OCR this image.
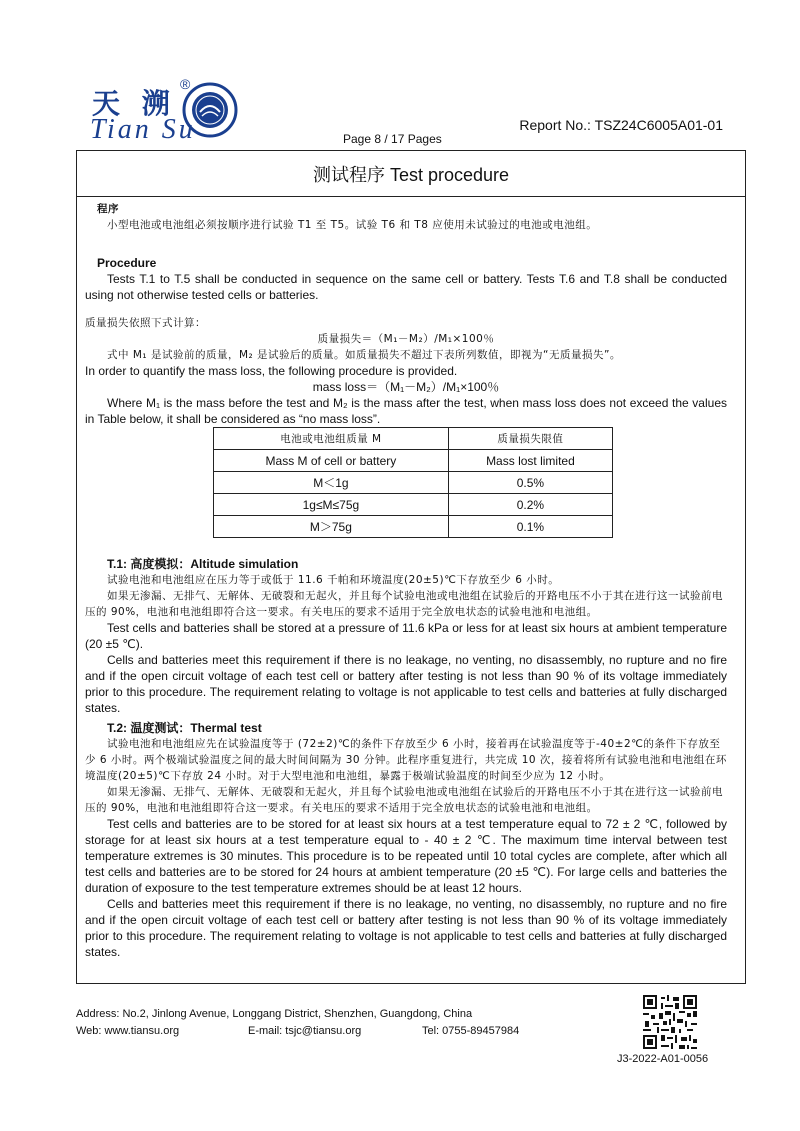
天 溯
®
Tian Su	Report No.: TSZ24C6005A01-01
Page 8 / 17 Pages
测试程序 Test procedure

程序

小型电池或电池组必须按顺序进行试验 T1 至 T5。试验 T6 和 T8 应使用未试验过的电池或电池组。

Procedure

Tests T.1 to T.5 shall be conducted in sequence on the same cell or battery. Tests T.6 and T.8 shall be conducted using not otherwise tested cells or batteries.

质量损失依照下式计算：

质量损失＝（M₁－M₂）/M₁×100％

式中 M₁ 是试验前的质量，M₂ 是试验后的质量。如质量损失不超过下表所列数值，即视为“无质量损失”。

In order to quantify the mass loss, the following procedure is provided.

mass loss＝（M₁－M₂）/M₁×100％

Where M₁ is the mass before the test and M₂ is the mass after the test, when mass loss does not exceed the values in Table below, it shall be considered as “no mass loss”.

电池或电池组质量 M	质量损失限值
Mass M of cell or battery	Mass lost limited
M＜1g	0.5%
1g≤M≤75g	0.2%
M＞75g	0.1%

T.1: 高度模拟：Altitude simulation

试验电池和电池组应在压力等于或低于 11.6 千帕和环境温度(20±5)℃下存放至少 6 小时。

如果无渗漏、无排气、无解体、无破裂和无起火，并且每个试验电池或电池组在试验后的开路电压不小于其在进行这一试验前电压的 90%，电池和电池组即符合这一要求。有关电压的要求不适用于完全放电状态的试验电池和电池组。

Test cells and batteries shall be stored at a pressure of 11.6 kPa or less for at least six hours at ambient temperature (20 ±5 ℃).

Cells and batteries meet this requirement if there is no leakage, no venting, no disassembly, no rupture and no fire and if the open circuit voltage of each test cell or battery after testing is not less than 90 % of its voltage immediately prior to this procedure. The requirement relating to voltage is not applicable to test cells and batteries at fully discharged states.

T.2: 温度测试：Thermal test

试验电池和电池组应先在试验温度等于 (72±2)℃的条件下存放至少 6 小时，接着再在试验温度等于-40±2℃的条件下存放至少 6 小时。两个极端试验温度之间的最大时间间隔为 30 分钟。此程序重复进行，共完成 10 次，接着将所有试验电池和电池组在环境温度(20±5)℃下存放 24 小时。对于大型电池和电池组，暴露于极端试验温度的时间至少应为 12 小时。

如果无渗漏、无排气、无解体、无破裂和无起火，并且每个试验电池或电池组在试验后的开路电压不小于其在进行这一试验前电压的 90%，电池和电池组即符合这一要求。有关电压的要求不适用于完全放电状态的试验电池和电池组。

Test cells and batteries are to be stored for at least six hours at a test temperature equal to 72 ± 2 ℃, followed by storage for at least six hours at a test temperature equal to - 40 ± 2 ℃. The maximum time interval between test temperature extremes is 30 minutes. This procedure is to be repeated until 10 total cycles are complete, after which all test cells and batteries are to be stored for 24 hours at ambient temperature (20 ±5 ℃). For large cells and batteries the duration of exposure to the test temperature extremes should be at least 12 hours.

Cells and batteries meet this requirement if there is no leakage, no venting, no disassembly, no rupture and no fire and if the open circuit voltage of each test cell or battery after testing is not less than 90 % of its voltage immediately prior to this procedure. The requirement relating to voltage is not applicable to test cells and batteries at fully discharged states.

Address: No.2, Jinlong Avenue, Longgang District, Shenzhen, Guangdong, China
Web: www.tiansu.org	E-mail: tsjc@tiansu.org	Tel: 0755-89457984
J3-2022-A01-0056
